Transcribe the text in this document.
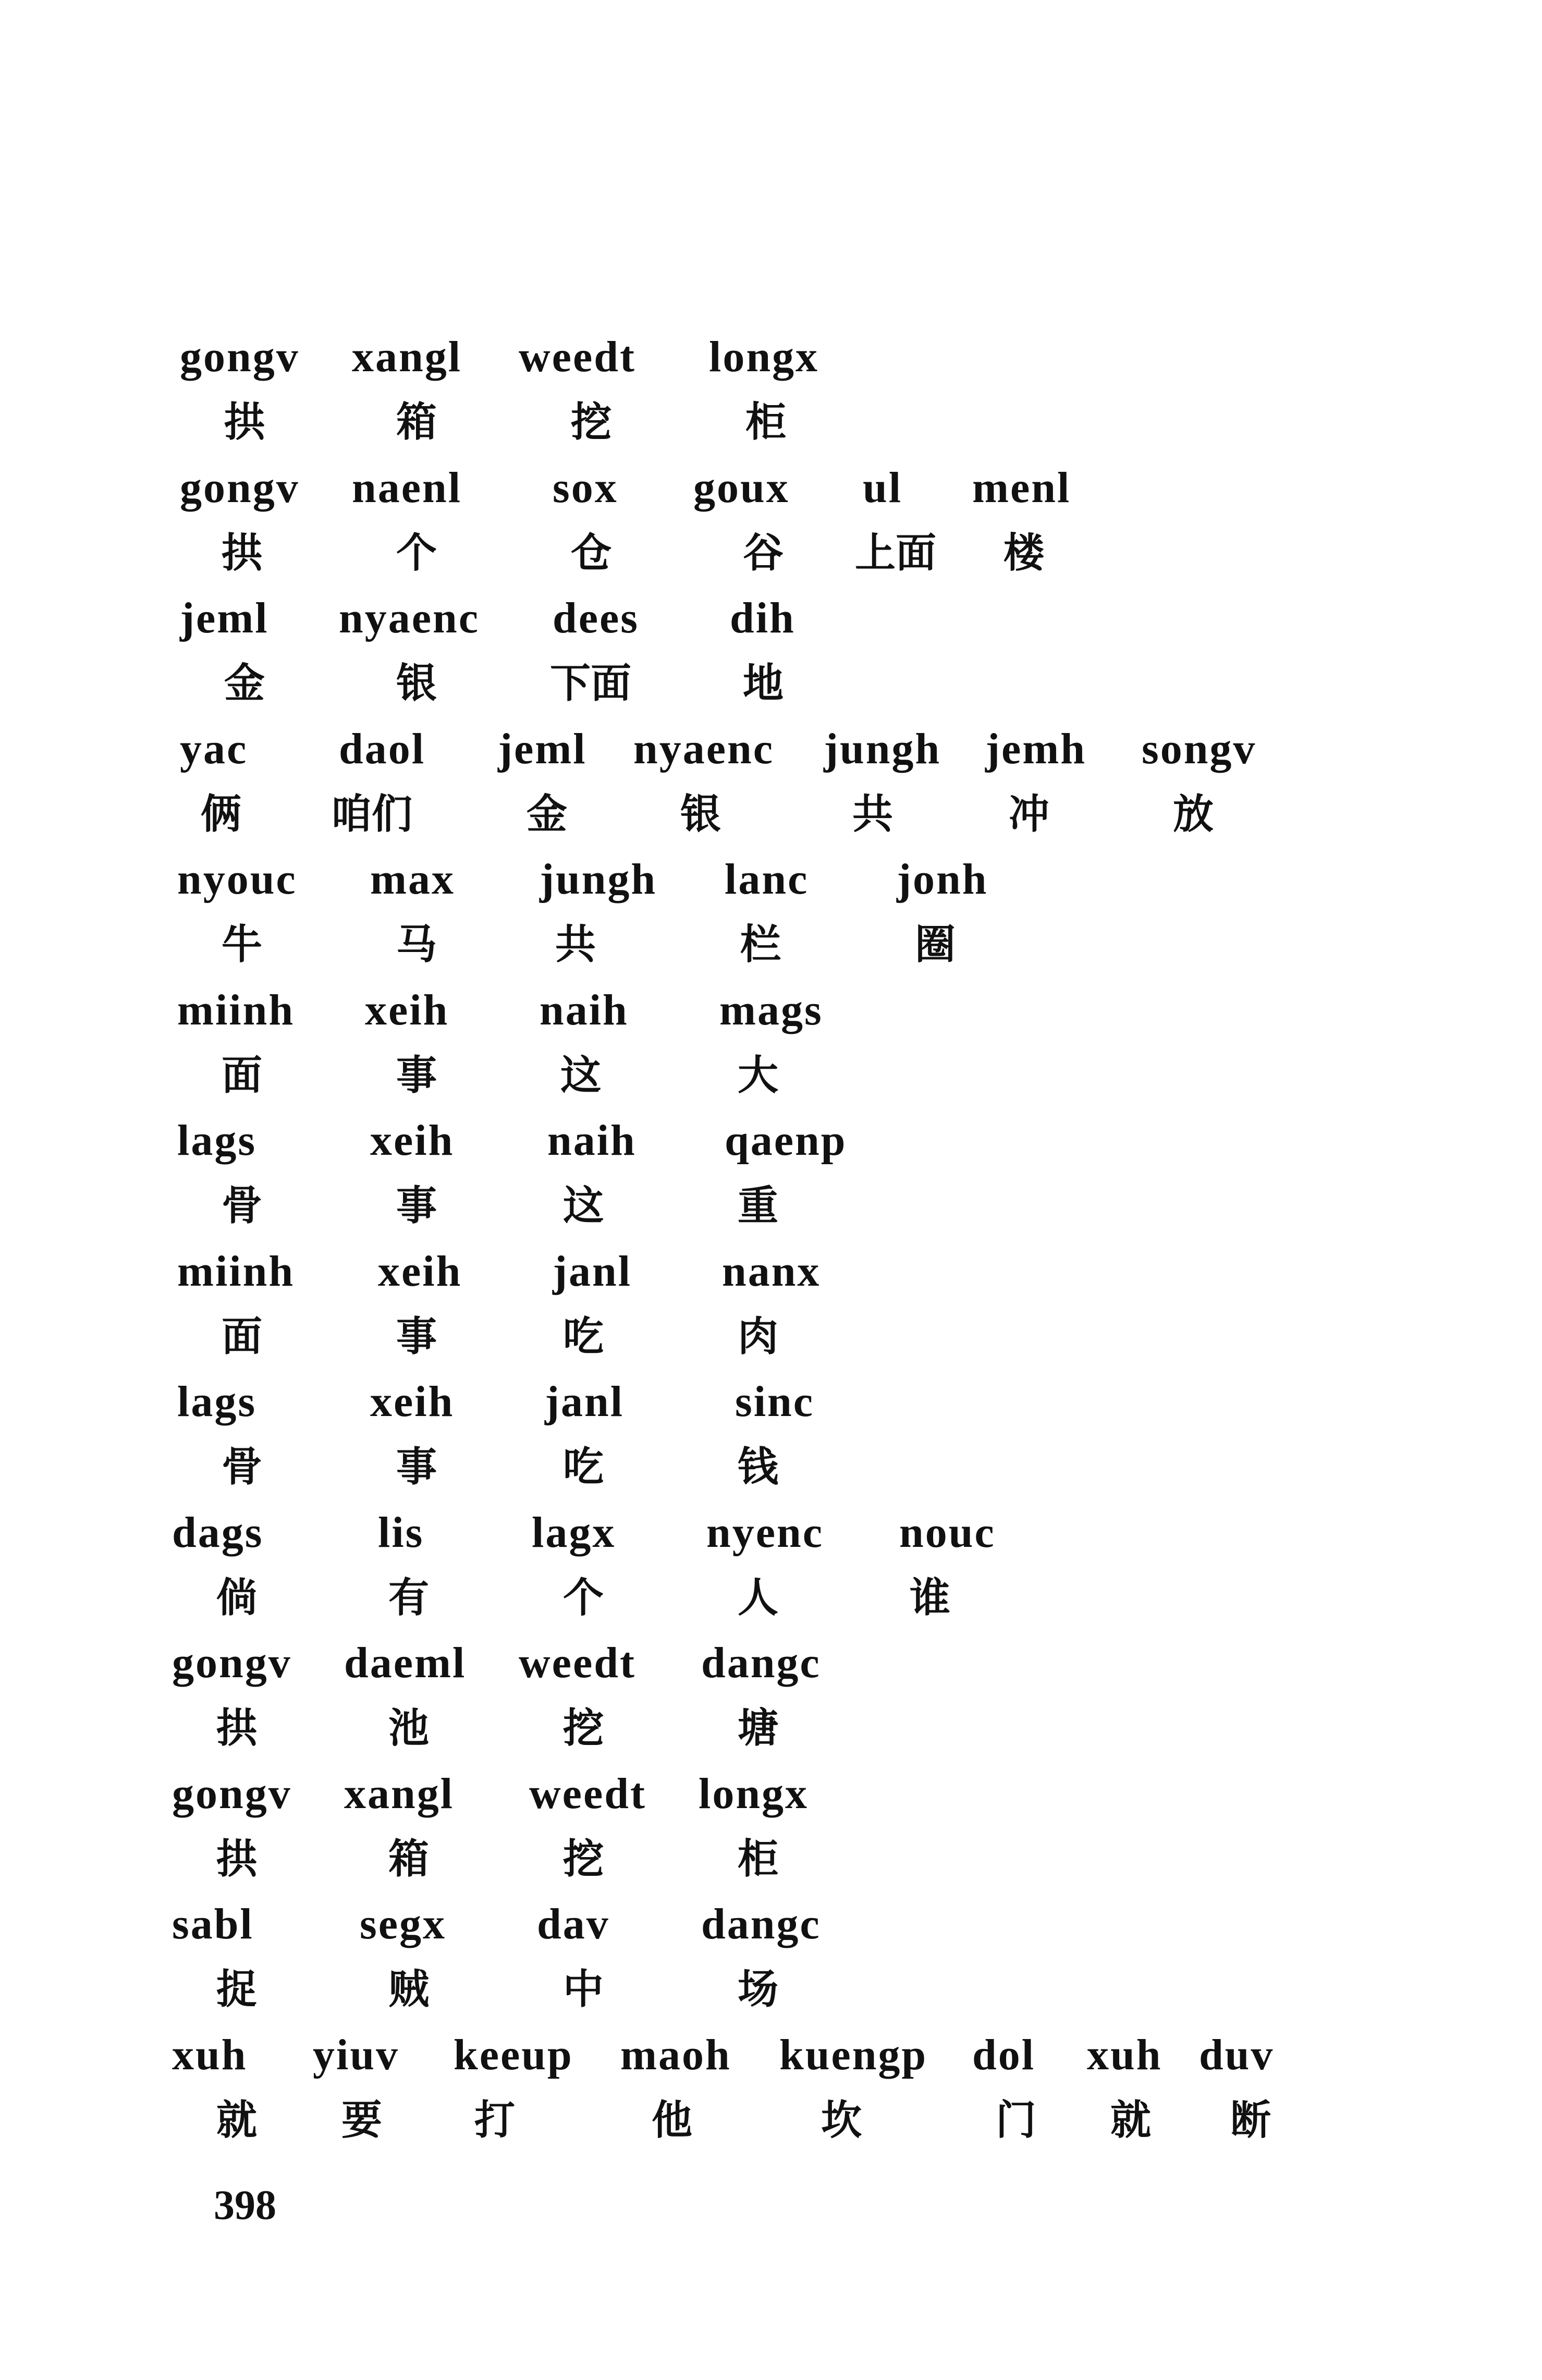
gongv xangl weedt longx
拱	箱	挖	柜
gongv naenl sox goux ul menl
拱	个	仓	谷 上面 楼
jeml nyaenc dees dih
金	银	下面	地
yac daol jeml nyaenc jungh jemh songv
俩 咱们	金	银	共	冲	放
nyouc max jungh lanc jonh
牛	马	共	栏	圈
miinh xeih naih mags
面	事	这	大
lags	xeih naih qaenp
骨	事	这	重
miinh xeih janl nanx
面	事	吃	肉
lags	xeih janl	sinc
骨	事	吃	钱
dags	lis lagx nyenc nouc
倘	有	个	人	谁
gongv daeml weedt dangc
拱	池	挖	塘
gongv xangl weedt longx
拱	箱	挖	柜
sabl segx dav dangc
捉	贼	中	场
xuh yiuv keeup maoh kuengp dol xuh duv
就 要 打	他	坎	门 就 断
398
